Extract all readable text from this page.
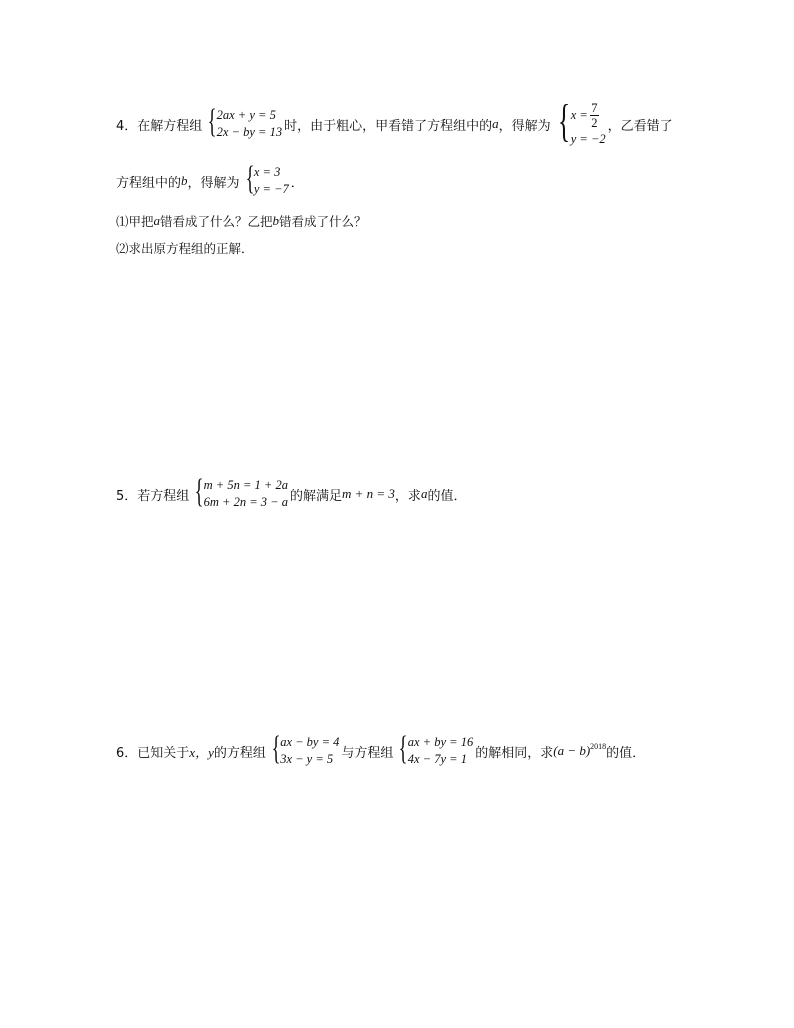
4． 在解方程组 { 2ax + y = 5
2x − by = 13 时，由于粗心，甲看错了方程组中的 a ，得解为 { $x = \frac{7}{2}$
y = −2
，乙看错了
方程组中的 b ，得解为 { x = 3
y = −7 ．
⑴甲把 a 错看成了什么？乙把 b 错看成了什么？
⑵求出原方程组的正解．
5． 若方程组 { m + 5n = 1 + 2a
6m + 2n = 3 − a 的解满足 m + n = 3 ，求 a 的值．
6． 已知关于 x，y 的方程组 { ax − by = 4
3x − y = 5 与方程组 { ax + by = 16
4x − 7y = 1 的解相同，求 $(a - b)^{2018}$ 的值．
